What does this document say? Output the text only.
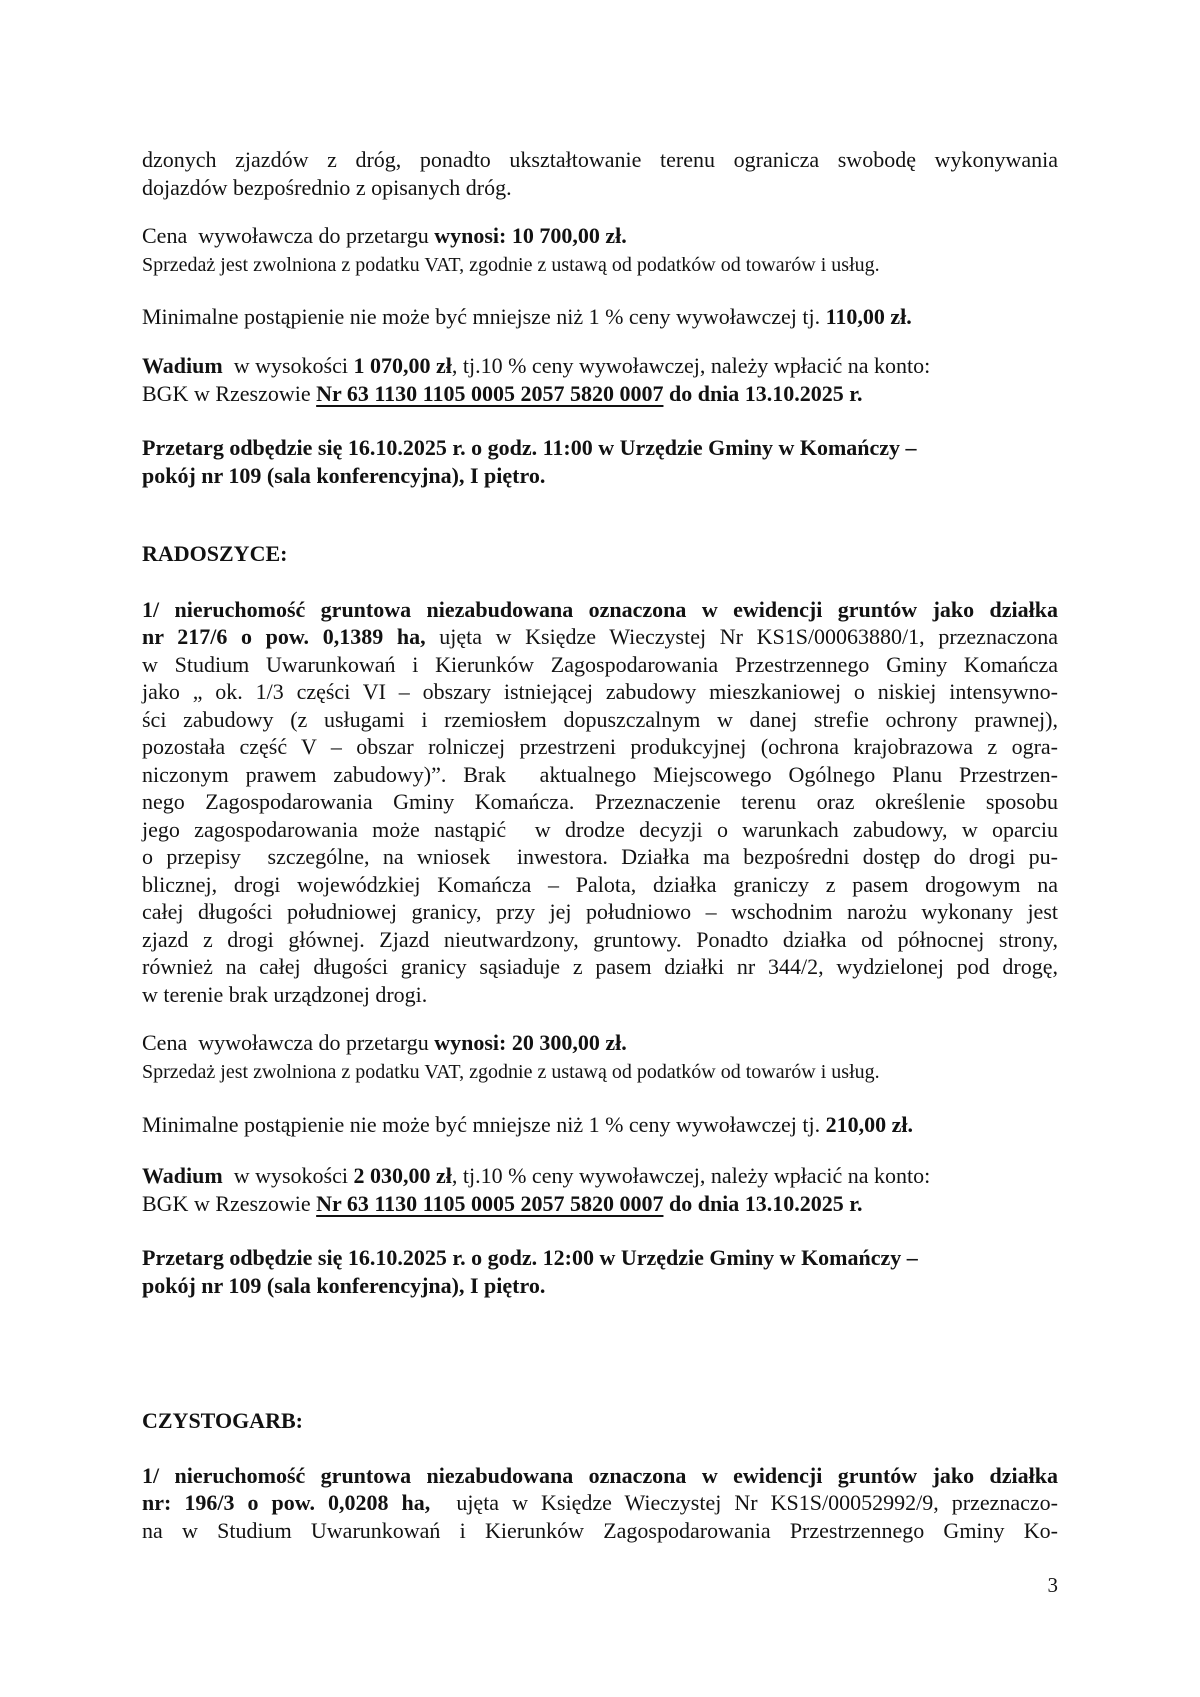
dzonych zjazdów z dróg, ponadto ukształtowanie terenu ogranicza swobodę wykonywania
dojazdów bezpośrednio z opisanych dróg.
Cena  wywoławcza do przetargu wynosi: 10 700,00 zł.
Sprzedaż jest zwolniona z podatku VAT, zgodnie z ustawą od podatków od towarów i usług.
Minimalne postąpienie nie może być mniejsze niż 1 % ceny wywoławczej tj. 110,00 zł.
Wadium  w wysokości 1 070,00 zł, tj.10 % ceny wywoławczej, należy wpłacić na konto:
BGK w Rzeszowie Nr 63 1130 1105 0005 2057 5820 0007 do dnia 13.10.2025 r.
Przetarg odbędzie się 16.10.2025 r. o godz. 11:00 w Urzędzie Gminy w Komańczy –
pokój nr 109 (sala konferencyjna), I piętro.
RADOSZYCE:
1/ nieruchomość gruntowa niezabudowana oznaczona w ewidencji gruntów jako działka
nr 217/6 o pow. 0,1389 ha, ujęta w Księdze Wieczystej Nr KS1S/00063880/1, przeznaczona
w Studium Uwarunkowań i Kierunków Zagospodarowania Przestrzennego Gminy Komańcza
jako „ ok. 1/3 części VI – obszary istniejącej zabudowy mieszkaniowej o niskiej intensywno-
ści zabudowy (z usługami i rzemiosłem dopuszczalnym w danej strefie ochrony prawnej),
pozostała część V – obszar rolniczej przestrzeni produkcyjnej (ochrona krajobrazowa z ogra-
niczonym prawem zabudowy)”. Brak  aktualnego Miejscowego Ogólnego Planu Przestrzen-
nego Zagospodarowania Gminy Komańcza. Przeznaczenie terenu oraz określenie sposobu
jego zagospodarowania może nastąpić  w drodze decyzji o warunkach zabudowy, w oparciu
o przepisy  szczególne, na wniosek  inwestora. Działka ma bezpośredni dostęp do drogi pu-
blicznej, drogi wojewódzkiej Komańcza – Palota, działka graniczy z pasem drogowym na
całej długości południowej granicy, przy jej południowo – wschodnim narożu wykonany jest
zjazd z drogi głównej. Zjazd nieutwardzony, gruntowy. Ponadto działka od północnej strony,
również na całej długości granicy sąsiaduje z pasem działki nr 344/2, wydzielonej pod drogę,
w terenie brak urządzonej drogi.
Cena  wywoławcza do przetargu wynosi: 20 300,00 zł.
Sprzedaż jest zwolniona z podatku VAT, zgodnie z ustawą od podatków od towarów i usług.
Minimalne postąpienie nie może być mniejsze niż 1 % ceny wywoławczej tj. 210,00 zł.
Wadium  w wysokości 2 030,00 zł, tj.10 % ceny wywoławczej, należy wpłacić na konto:
BGK w Rzeszowie Nr 63 1130 1105 0005 2057 5820 0007 do dnia 13.10.2025 r.
Przetarg odbędzie się 16.10.2025 r. o godz. 12:00 w Urzędzie Gminy w Komańczy –
pokój nr 109 (sala konferencyjna), I piętro.
CZYSTOGARB:
1/ nieruchomość gruntowa niezabudowana oznaczona w ewidencji gruntów jako działka
nr: 196/3 o pow. 0,0208 ha,  ujęta w Księdze Wieczystej Nr KS1S/00052992/9, przeznaczo-
na w Studium Uwarunkowań i Kierunków Zagospodarowania Przestrzennego Gminy Ko-
3
